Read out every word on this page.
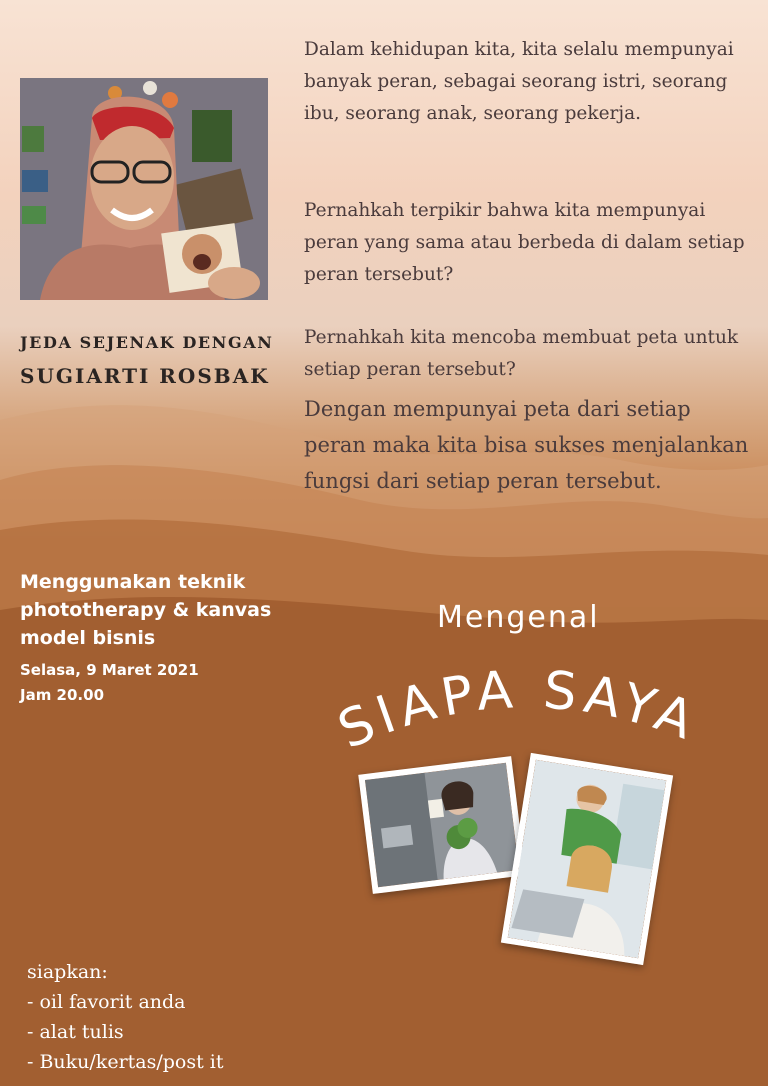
JEDA SEJENAK DENGAN
SUGIARTI ROSBAK
Dalam kehidupan kita, kita selalu mempunyai banyak peran, sebagai seorang istri, seorang ibu, seorang anak, seorang pekerja.
Pernahkah terpikir bahwa kita mempunyai peran yang sama atau berbeda di dalam setiap peran tersebut?
Pernahkah kita mencoba membuat peta untuk setiap peran tersebut?
Dengan mempunyai peta dari setiap peran maka kita bisa sukses menjalankan fungsi dari setiap peran tersebut.
Menggunakan teknik phototherapy & kanvas model bisnis
Selasa, 9 Maret 2021
Jam 20.00
Mengenal
SIAPA SAYA
siapkan:
- oil favorit anda
- alat tulis
- Buku/kertas/post it
